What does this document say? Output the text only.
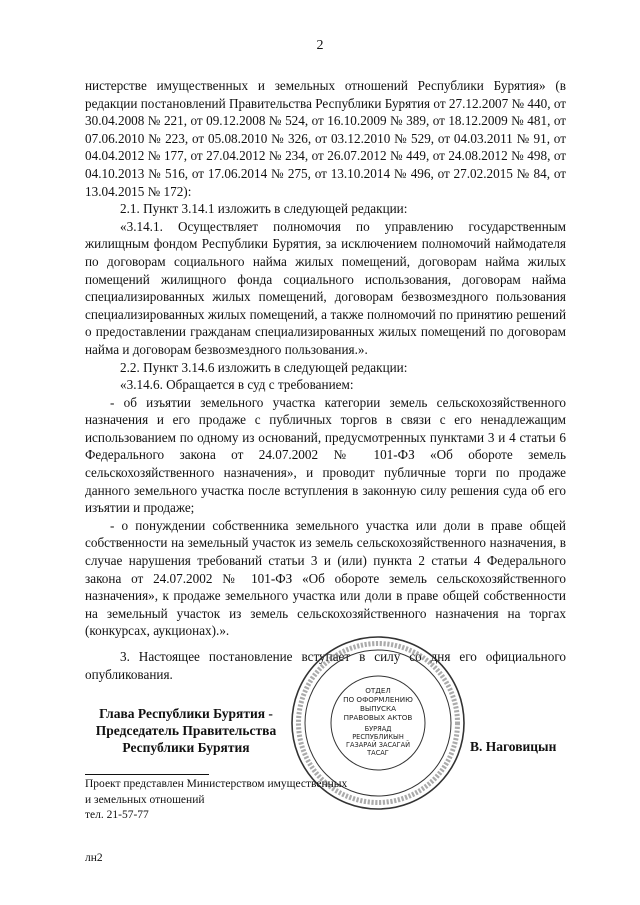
2

нистерстве имущественных и земельных отношений Республики Бурятия» (в редакции постановлений Правительства Республики Бурятия от 27.12.2007 № 440, от 30.04.2008 № 221, от 09.12.2008 № 524, от 16.10.2009 № 389, от 18.12.2009 № 481, от 07.06.2010 № 223, от 05.08.2010 № 326, от 03.12.2010 № 529, от 04.03.2011 № 91, от 04.04.2012 № 177, от 27.04.2012 № 234, от 26.07.2012 № 449, от 24.08.2012 № 498, от 04.10.2013 № 516, от 17.06.2014 № 275, от 13.10.2014 № 496, от 27.02.2015 № 84, от 13.04.2015 № 172):

2.1. Пункт 3.14.1 изложить в следующей редакции:

«3.14.1. Осуществляет полномочия по управлению государственным жилищным фондом Республики Бурятия, за исключением полномочий наймодателя по договорам социального найма жилых помещений, договорам найма жилых помещений жилищного фонда социального использования, договорам найма специализированных жилых помещений, договорам безвозмездного пользования специализированных жилых помещений, а также полномочий по принятию решений о предоставлении гражданам специализированных жилых помещений по договорам найма и договорам безвозмездного пользования.».

2.2. Пункт 3.14.6 изложить в следующей редакции:

«3.14.6. Обращается в суд с требованием:

- об изъятии земельного участка категории земель сельскохозяйственного назначения и его продаже с публичных торгов в связи с его ненадлежащим использованием по одному из оснований, предусмотренных пунктами 3 и 4 статьи 6 Федерального закона от 24.07.2002 № 101-ФЗ «Об обороте земель сельскохозяйственного назначения», и проводит публичные торги по продаже данного земельного участка после вступления в законную силу решения суда об его изъятии и продаже;

- о понуждении собственника земельного участка или доли в праве общей собственности на земельный участок из земель сельскохозяйственного назначения, в случае нарушения требований статьи 3 и (или) пункта 2 статьи 4 Федерального закона от 24.07.2002 № 101-ФЗ «Об обороте земель сельскохозяйственного назначения», к продаже земельного участка или доли в праве общей собственности на земельный участок из земель сельскохозяйственного назначения на торгах (конкурсах, аукционах).».

3. Настоящее постановление вступает в силу со дня его официального опубликования.

Глава Республики Бурятия -
Председатель Правительства
Республики Бурятия
ОТДЕЛ
ПО ОФОРМЛЕНИЮ
ВЫПУСКА
ПРАВОВЫХ АКТОВ
БУРЯАД
РЕСПУБЛИКЫН
ГАЗАРАЙ ЗАСАГАЙ
ТАСАГ	В. Наговицын
Проект представлен Министерством имущественных
и земельных отношений
тел. 21-57-77
лн2
